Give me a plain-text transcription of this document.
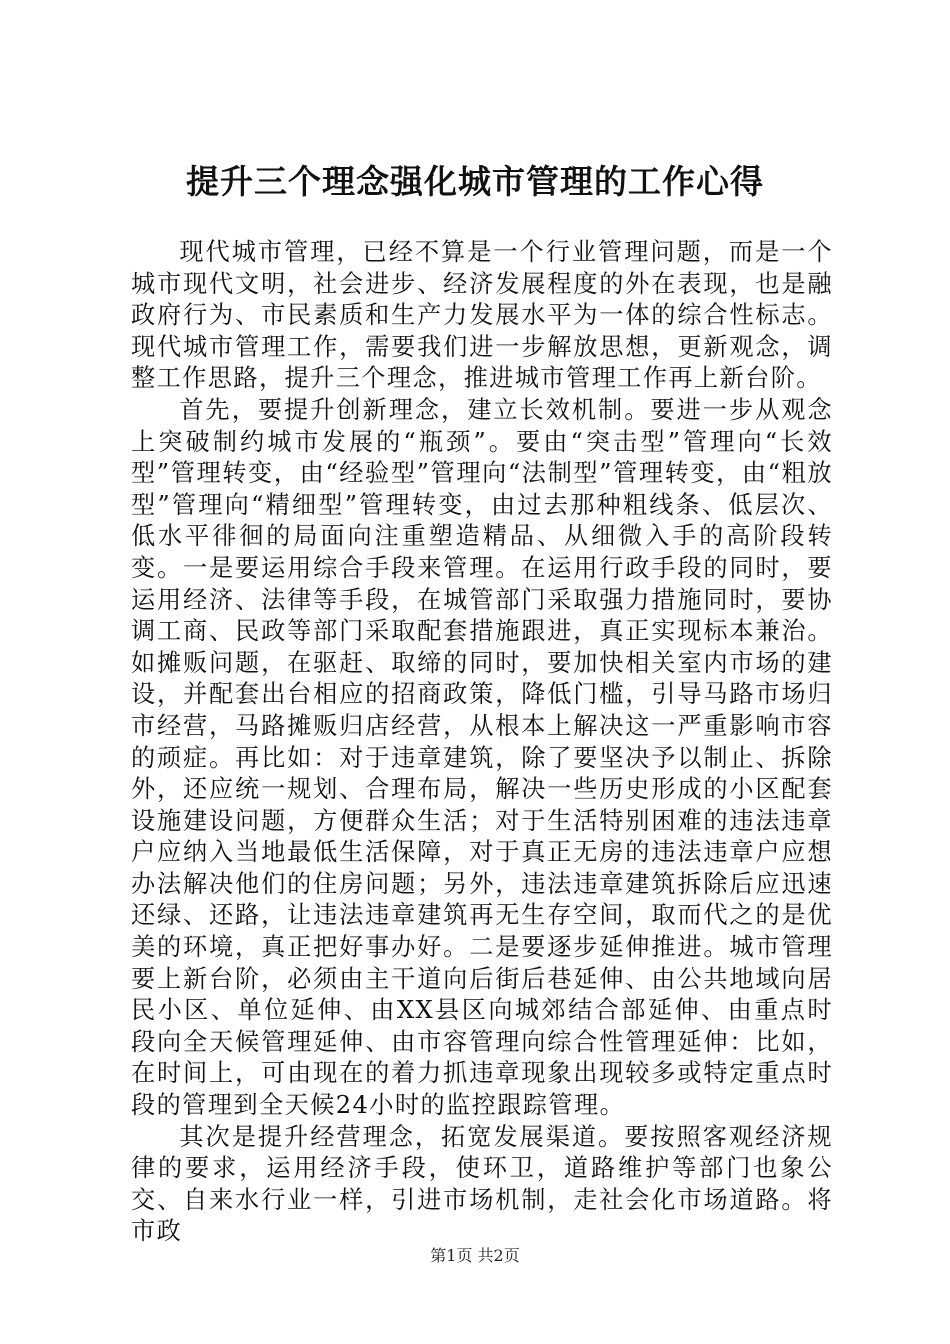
提升三个理念强化城市管理的工作心得

现代城市管理，已经不算是一个行业管理问题，而是一个城市现代文明，社会进步、经济发展程度的外在表现，也是融政府行为、市民素质和生产力发展水平为一体的综合性标志。现代城市管理工作，需要我们进一步解放思想，更新观念，调整工作思路，提升三个理念，推进城市管理工作再上新台阶。

首先，要提升创新理念，建立长效机制。要进一步从观念上突破制约城市发展的“瓶颈”。要由“突击型”管理向“长效型”管理转变，由“经验型”管理向“法制型”管理转变，由“粗放型”管理向“精细型”管理转变，由过去那种粗线条、低层次、低水平徘徊的局面向注重塑造精品、从细微入手的高阶段转变。一是要运用综合手段来管理。在运用行政手段的同时，要运用经济、法律等手段，在城管部门采取强力措施同时，要协调工商、民政等部门采取配套措施跟进，真正实现标本兼治。如摊贩问题，在驱赶、取缔的同时，要加快相关室内市场的建设，并配套出台相应的招商政策，降低门槛，引导马路市场归市经营，马路摊贩归店经营，从根本上解决这一严重影响市容的顽症。再比如：对于违章建筑，除了要坚决予以制止、拆除外，还应统一规划、合理布局，解决一些历史形成的小区配套设施建设问题，方便群众生活；对于生活特别困难的违法违章户应纳入当地最低生活保障，对于真正无房的违法违章户应想办法解决他们的住房问题；另外，违法违章建筑拆除后应迅速还绿、还路，让违法违章建筑再无生存空间，取而代之的是优美的环境，真正把好事办好。二是要逐步延伸推进。城市管理要上新台阶，必须由主干道向后街后巷延伸、由公共地域向居民小区、单位延伸、由XX县区向城郊结合部延伸、由重点时段向全天候管理延伸、由市容管理向综合性管理延伸：比如，在时间上，可由现在的着力抓违章现象出现较多或特定重点时段的管理到全天候24小时的监控跟踪管理。

其次是提升经营理念，拓宽发展渠道。要按照客观经济规律的要求，运用经济手段，使环卫，道路维护等部门也象公交、自来水行业一样，引进市场机制，走社会化市场道路。将市政

第1页 共2页
